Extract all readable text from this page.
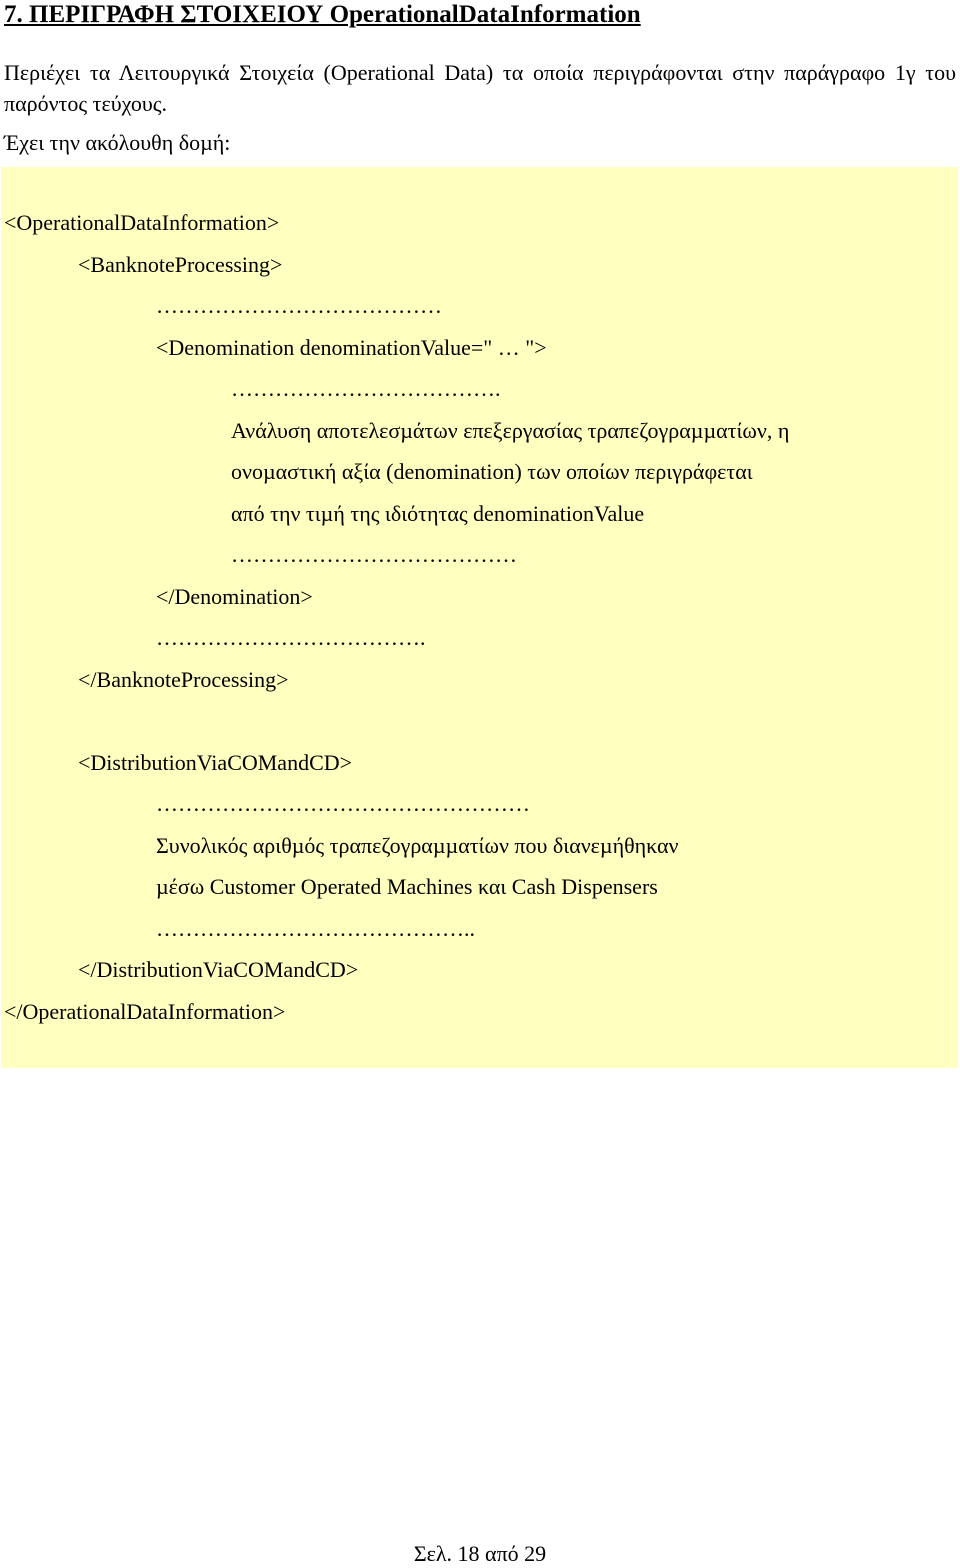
7. ΠΕΡΙΓΡΑΦΗ ΣΤΟΙΧΕΙΟΥ OperationalDataInformation

Περιέχει τα Λειτουργικά Στοιχεία (Operational Data) τα οποία περιγράφονται στην παράγραφο 1γ του παρόντος τεύχους.

Έχει την ακόλουθη δοµή:

<OperationalDataInformation>
<BanknoteProcessing>
…………………………………
<Denomination denominationValue=" … ">
……………………………….
Ανάλυση αποτελεσµάτων επεξεργασίας τραπεζογραµµατίων, η
ονοµαστική αξία (denomination) των οποίων περιγράφεται
από την τιµή της ιδιότητας denominationValue
…………………………………
</Denomination>
……………………………….
</BanknoteProcessing>
<DistributionViaCOMandCD>
……………………………………………
Συνολικός αριθµός τραπεζογραµµατίων που διανεµήθηκαν
µέσω Customer Operated Machines και Cash Dispensers
……………………………………..
</DistributionViaCOMandCD>
</OperationalDataInformation>

Σελ. 18 από 29
